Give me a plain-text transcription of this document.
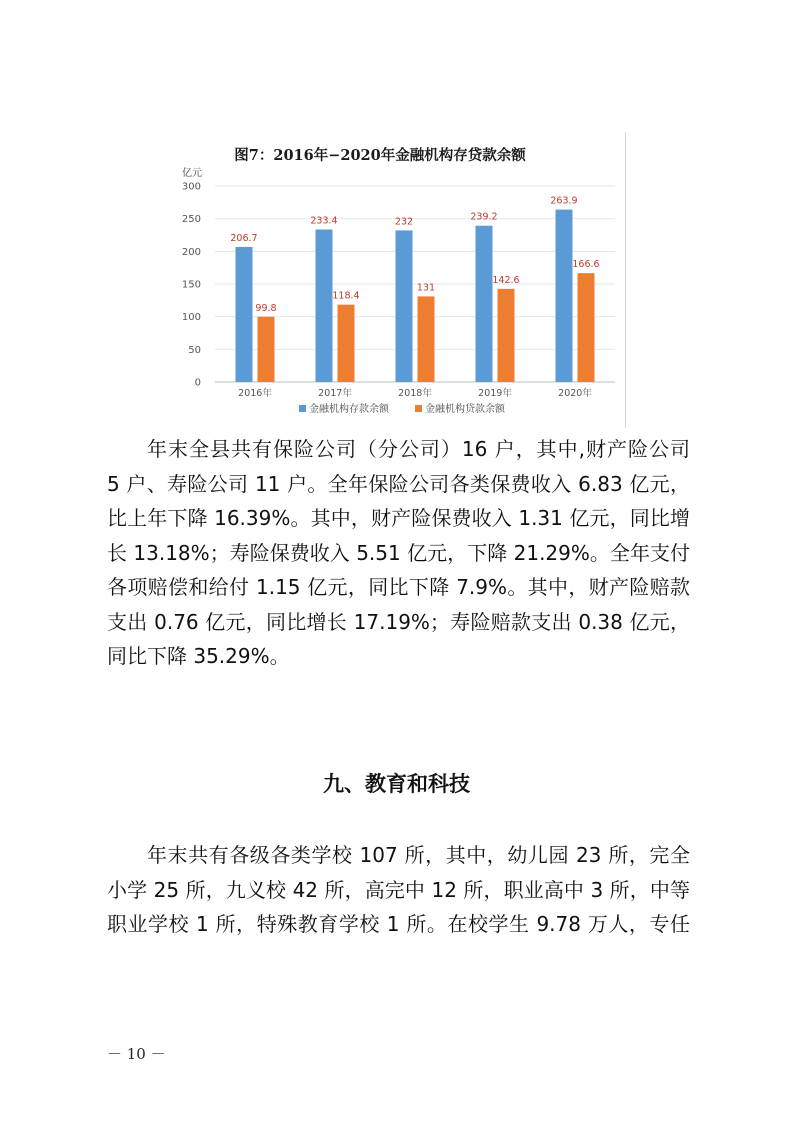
图7：2016年−2020年金融机构存贷款余额
亿元
0
50
100
150
200
250
300
206.7
99.8
233.4
118.4
232
131
239.2
142.6
263.9
166.6
2016年	2017年	2018年	2019年	2020年
金融机构存款余额	金融机构贷款余额
年末全县共有保险公司（分公司）16 户，其中,财产险公司
5 户、寿险公司 11 户。全年保险公司各类保费收入 6.83 亿元，
比上年下降 16.39%。其中，财产险保费收入 1.31 亿元，同比增
长 13.18%；寿险保费收入 5.51 亿元，下降 21.29%。全年支付
各项赔偿和给付 1.15 亿元，同比下降 7.9%。其中，财产险赔款
支出 0.76 亿元，同比增长 17.19%；寿险赔款支出 0.38 亿元，
同比下降 35.29%。
九、教育和科技
年末共有各级各类学校 107 所，其中，幼儿园 23 所，完全
小学 25 所，九义校 42 所，高完中 12 所，职业高中 3 所，中等
职业学校 1 所，特殊教育学校 1 所。在校学生 9.78 万人，专任
－ 10 －
